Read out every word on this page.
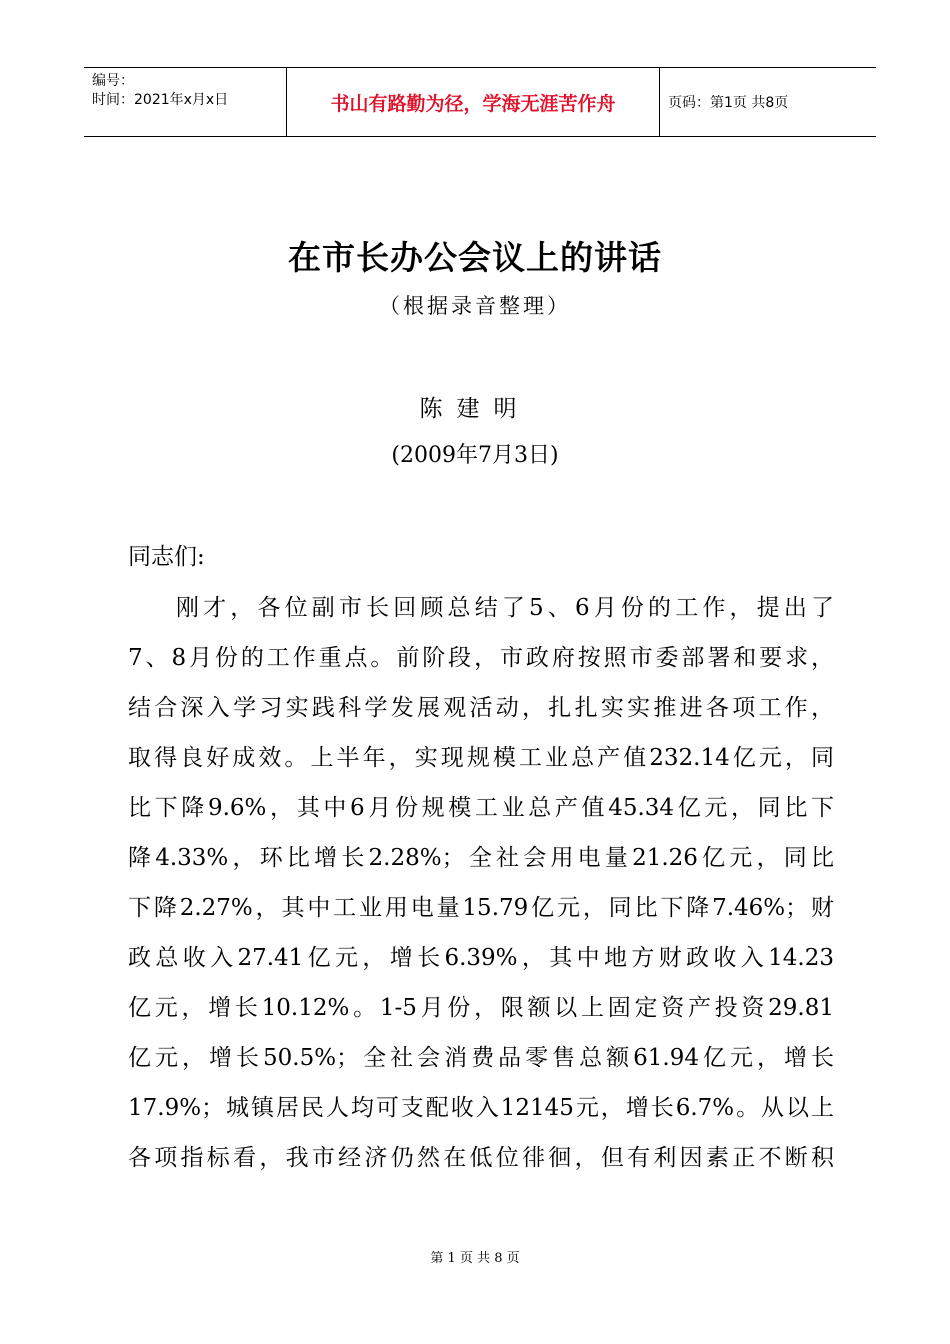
编号：
时间：2021年x月x日	书山有路勤为径，学海无涯苦作舟	页码：第1页 共8页
在市长办公会议上的讲话
（根据录音整理）
陈建明
(2009年7月3日)
同志们:
刚才，各位副市长回顾总结了5、6月份的工作，提出了
7、8月份的工作重点。前阶段，市政府按照市委部署和要求，
结合深入学习实践科学发展观活动，扎扎实实推进各项工作，
取得良好成效。上半年，实现规模工业总产值232.14亿元，同
比下降9.6%，其中6月份规模工业总产值45.34亿元，同比下
降4.33%，环比增长2.28%；全社会用电量21.26亿元，同比
下降2.27%，其中工业用电量15.79亿元，同比下降7.46%；财
政总收入27.41亿元，增长6.39%，其中地方财政收入14.23
亿元，增长10.12%。1-5月份，限额以上固定资产投资29.81
亿元，增长50.5%；全社会消费品零售总额61.94亿元，增长
17.9%；城镇居民人均可支配收入12145元，增长6.7%。从以上
各项指标看，我市经济仍然在低位徘徊，但有利因素正不断积
第 1 页 共 8 页
